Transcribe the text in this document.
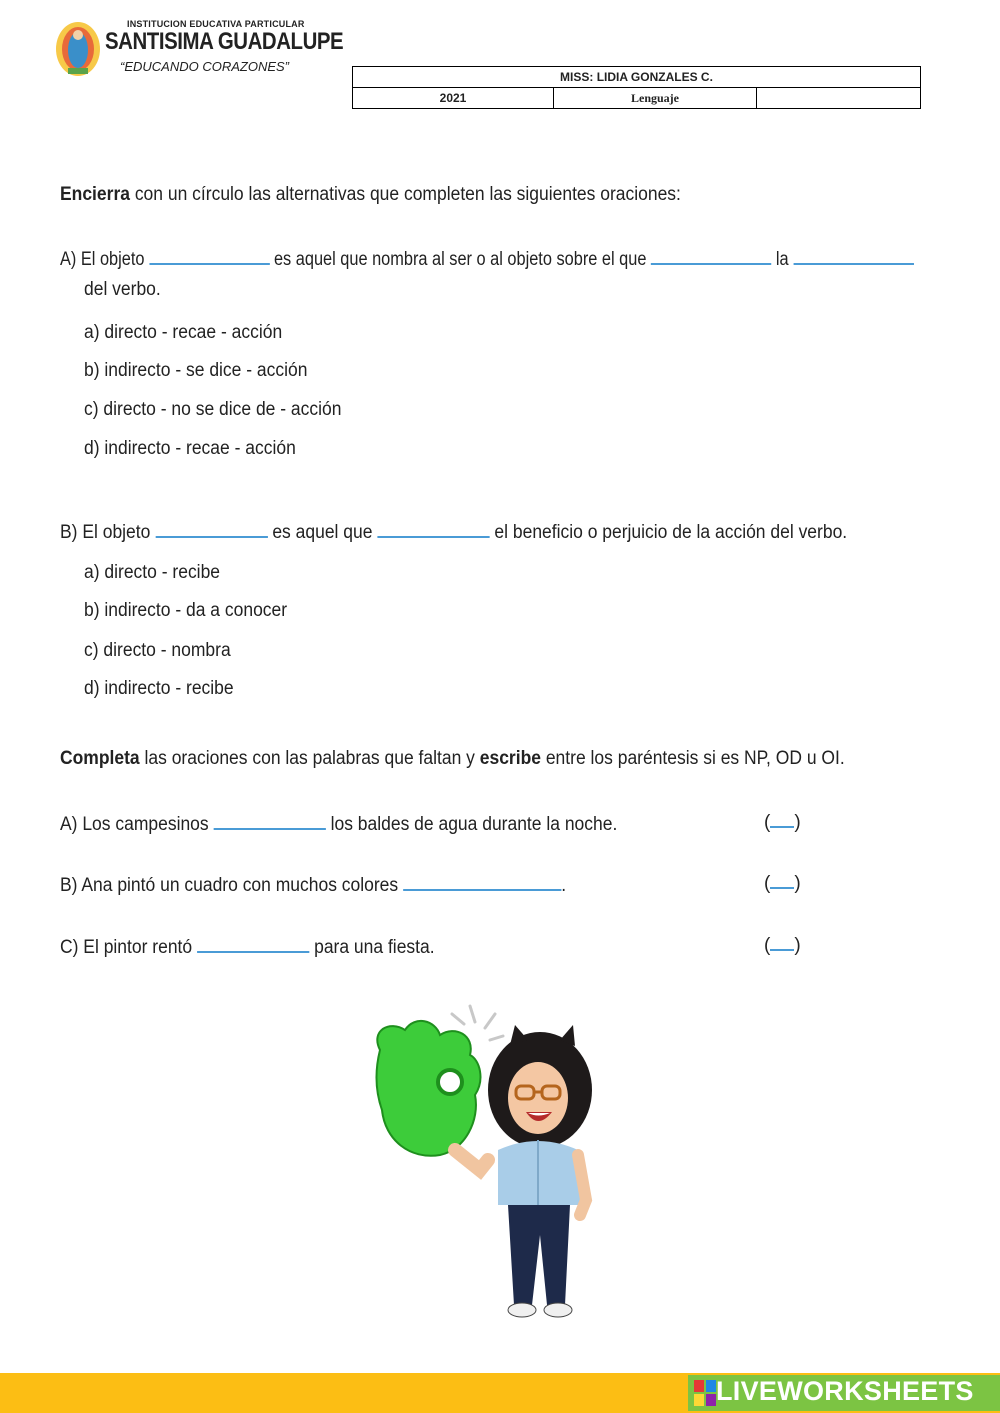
INSTITUCION EDUCATIVA PARTICULAR
SANTISIMA GUADALUPE
“EDUCANDO CORAZONES”
MISS: LIDIA GONZALES C.
2021	Lenguaje	
Encierra con un círculo las alternativas que completen las siguientes oraciones:
A) El objeto	es aquel que nombra al ser o al objeto sobre el que	la
del verbo.
a) directo - recae - acción
b) indirecto - se dice - acción
c) directo - no se dice de - acción
d) indirecto - recae - acción
B) El objeto	es aquel que	el beneficio o perjuicio de la acción del verbo.
a) directo - recibe
b) indirecto - da a conocer
c) directo - nombra
d) indirecto - recibe
Completa las oraciones con las palabras que faltan y escribe entre los paréntesis si es NP, OD u OI.
A) Los campesinos	los baldes de agua durante la noche.	( )
B) Ana pintó un cuadro con muchos colores	.	( )
C) El pintor rentó	para una fiesta.	( )
LIVEWORKSHEETS
